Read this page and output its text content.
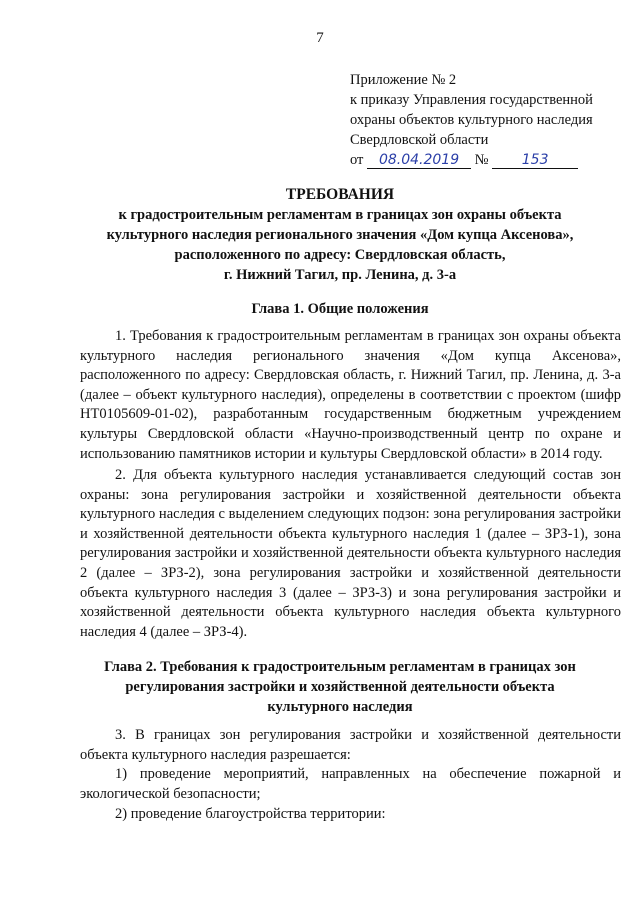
7
Приложение № 2
к приказу Управления государственной
охраны объектов культурного наследия
Свердловской области
от 08.04.2019 № 153
ТРЕБОВАНИЯ
к градостроительным регламентам в границах зон охраны объекта
культурного наследия регионального значения «Дом купца Аксенова»,
расположенного по адресу: Свердловская область,
г. Нижний Тагил, пр. Ленина, д. 3-а
Глава 1. Общие положения
1. Требования к градостроительным регламентам в границах зон охраны объекта культурного наследия регионального значения «Дом купца Аксенова», расположенного по адресу: Свердловская область, г. Нижний Тагил, пр. Ленина, д. 3-а (далее – объект культурного наследия), определены в соответствии с проектом (шифр НТ0105609-01-02), разработанным государственным бюджетным учреждением культуры Свердловской области «Научно-производственный центр по охране и использованию памятников истории и культуры Свердловской области» в 2014 году.
2. Для объекта культурного наследия устанавливается следующий состав зон охраны: зона регулирования застройки и хозяйственной деятельности объекта культурного наследия с выделением следующих подзон: зона регулирования застройки и хозяйственной деятельности объекта культурного наследия 1 (далее – ЗРЗ-1), зона регулирования застройки и хозяйственной деятельности объекта культурного наследия 2 (далее – ЗРЗ-2), зона регулирования застройки и хозяйственной деятельности объекта культурного наследия 3 (далее – ЗРЗ-3) и зона регулирования застройки и хозяйственной деятельности объекта культурного наследия объекта культурного наследия 4 (далее – ЗРЗ-4).
Глава 2. Требования к градостроительным регламентам в границах зон
регулирования застройки и хозяйственной деятельности объекта
культурного наследия
3. В границах зон регулирования застройки и хозяйственной деятельности объекта культурного наследия разрешается:
1) проведение мероприятий, направленных на обеспечение пожарной и экологической безопасности;
2) проведение благоустройства территории:
